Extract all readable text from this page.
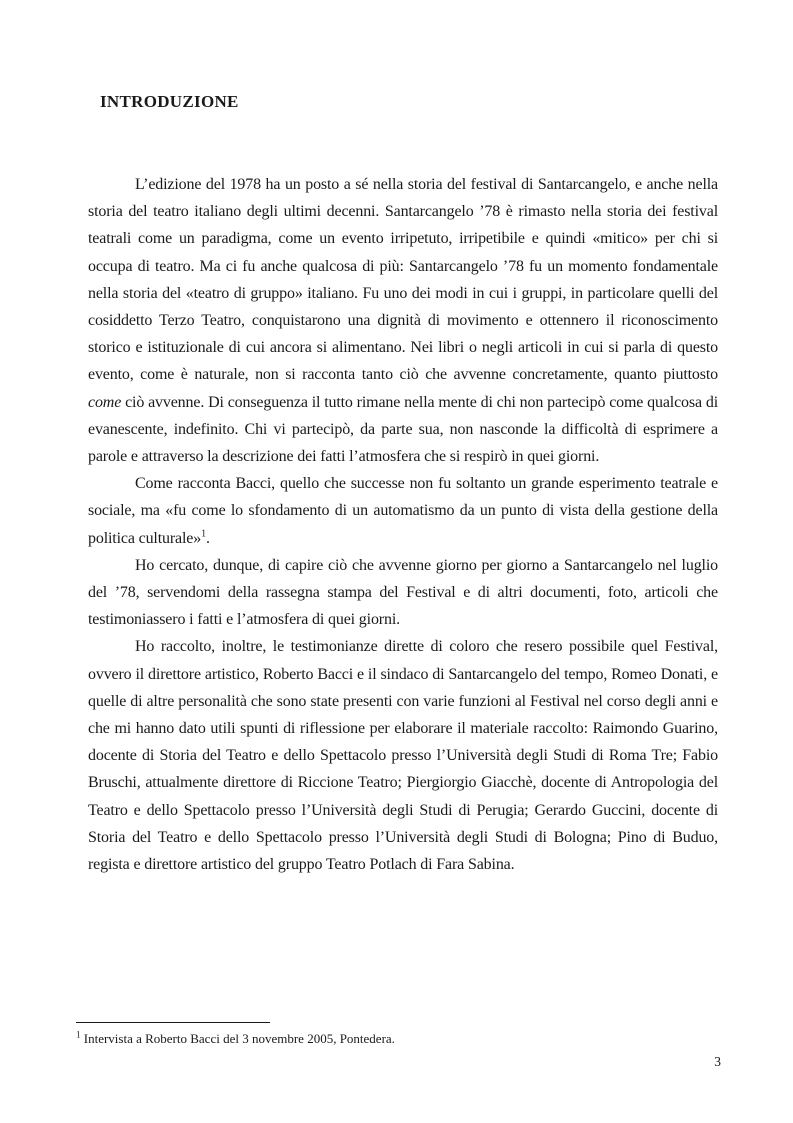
INTRODUZIONE

L’edizione del 1978 ha un posto a sé nella storia del festival di Santarcangelo, e anche nella storia del teatro italiano degli ultimi decenni. Santarcangelo ’78 è rimasto nella storia dei festival teatrali come un paradigma, come un evento irripetuto, irripetibile e quindi «mitico» per chi si occupa di teatro. Ma ci fu anche qualcosa di più: Santarcangelo ’78 fu un momento fondamentale nella storia del «teatro di gruppo» italiano. Fu uno dei modi in cui i gruppi, in particolare quelli del cosiddetto Terzo Teatro, conquistarono una dignità di movimento e ottennero il riconoscimento storico e istituzionale di cui ancora si alimentano. Nei libri o negli articoli in cui si parla di questo evento, come è naturale, non si racconta tanto ciò che avvenne concretamente, quanto piuttosto come ciò avvenne. Di conseguenza il tutto rimane nella mente di chi non partecipò come qualcosa di evanescente, indefinito. Chi vi partecipò, da parte sua, non nasconde la difficoltà di esprimere a parole e attraverso la descrizione dei fatti l’atmosfera che si respirò in quei giorni.

Come racconta Bacci, quello che successe non fu soltanto un grande esperimento teatrale e sociale, ma «fu come lo sfondamento di un automatismo da un punto di vista della gestione della politica culturale»$^1$.

Ho cercato, dunque, di capire ciò che avvenne giorno per giorno a Santarcangelo nel luglio del ’78, servendomi della rassegna stampa del Festival e di altri documenti, foto, articoli che testimoniassero i fatti e l’atmosfera di quei giorni.

Ho raccolto, inoltre, le testimonianze dirette di coloro che resero possibile quel Festival, ovvero il direttore artistico, Roberto Bacci e il sindaco di Santarcangelo del tempo, Romeo Donati, e quelle di altre personalità che sono state presenti con varie funzioni al Festival nel corso degli anni e che mi hanno dato utili spunti di riflessione per elaborare il materiale raccolto: Raimondo Guarino, docente di Storia del Teatro e dello Spettacolo presso l’Università degli Studi di Roma Tre; Fabio Bruschi, attualmente direttore di Riccione Teatro; Piergiorgio Giacchè, docente di Antropologia del Teatro e dello Spettacolo presso l’Università degli Studi di Perugia; Gerardo Guccini, docente di Storia del Teatro e dello Spettacolo presso l’Università degli Studi di Bologna; Pino di Buduo, regista e direttore artistico del gruppo Teatro Potlach di Fara Sabina.

$^1$ Intervista a Roberto Bacci del 3 novembre 2005, Pontedera.

3
